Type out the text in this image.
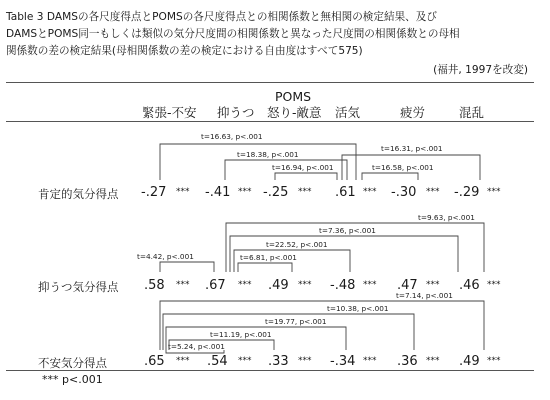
Table 3 DAMSの各尺度得点とPOMSの各尺度得点との相関係数と無相関の検定結果、及び
DAMSとPOMS同一もしくは類似の気分尺度間の相関係数と異なった尺度間の相関係数との母相
関係数の差の検定結果(母相関係数の差の検定における自由度はすべて575)
(福井, 1997を改変)
POMS
緊張-不安 抑うつ 怒り-敵意 活気	疲労	混乱
t=16.63, p<.001
t=18.38, p<.001
t=16.94, p<.001
t=16.31, p<.001
t=16.58, p<.001
t=9.63, p<.001
t=7.36, p<.001
t=22.52, p<.001
t=4.42, p<.001	t=6.81, p<.001
t=7.14, p<.001
t=10.38, p<.001
t=19.77, p<.001
t=11.19, p<.001
t=5.24, p<.001
肯定的気分得点 -.27 *** -.41 *** -.25 *** .61 *** -.30 *** -.29 ***
抑うつ気分得点 .58 *** .67 *** .49 *** -.48 *** .47 *** .46 ***
不安気分得点	.65 *** .54 *** .33 *** -.34 *** .36 *** .49 ***
*** p<.001
